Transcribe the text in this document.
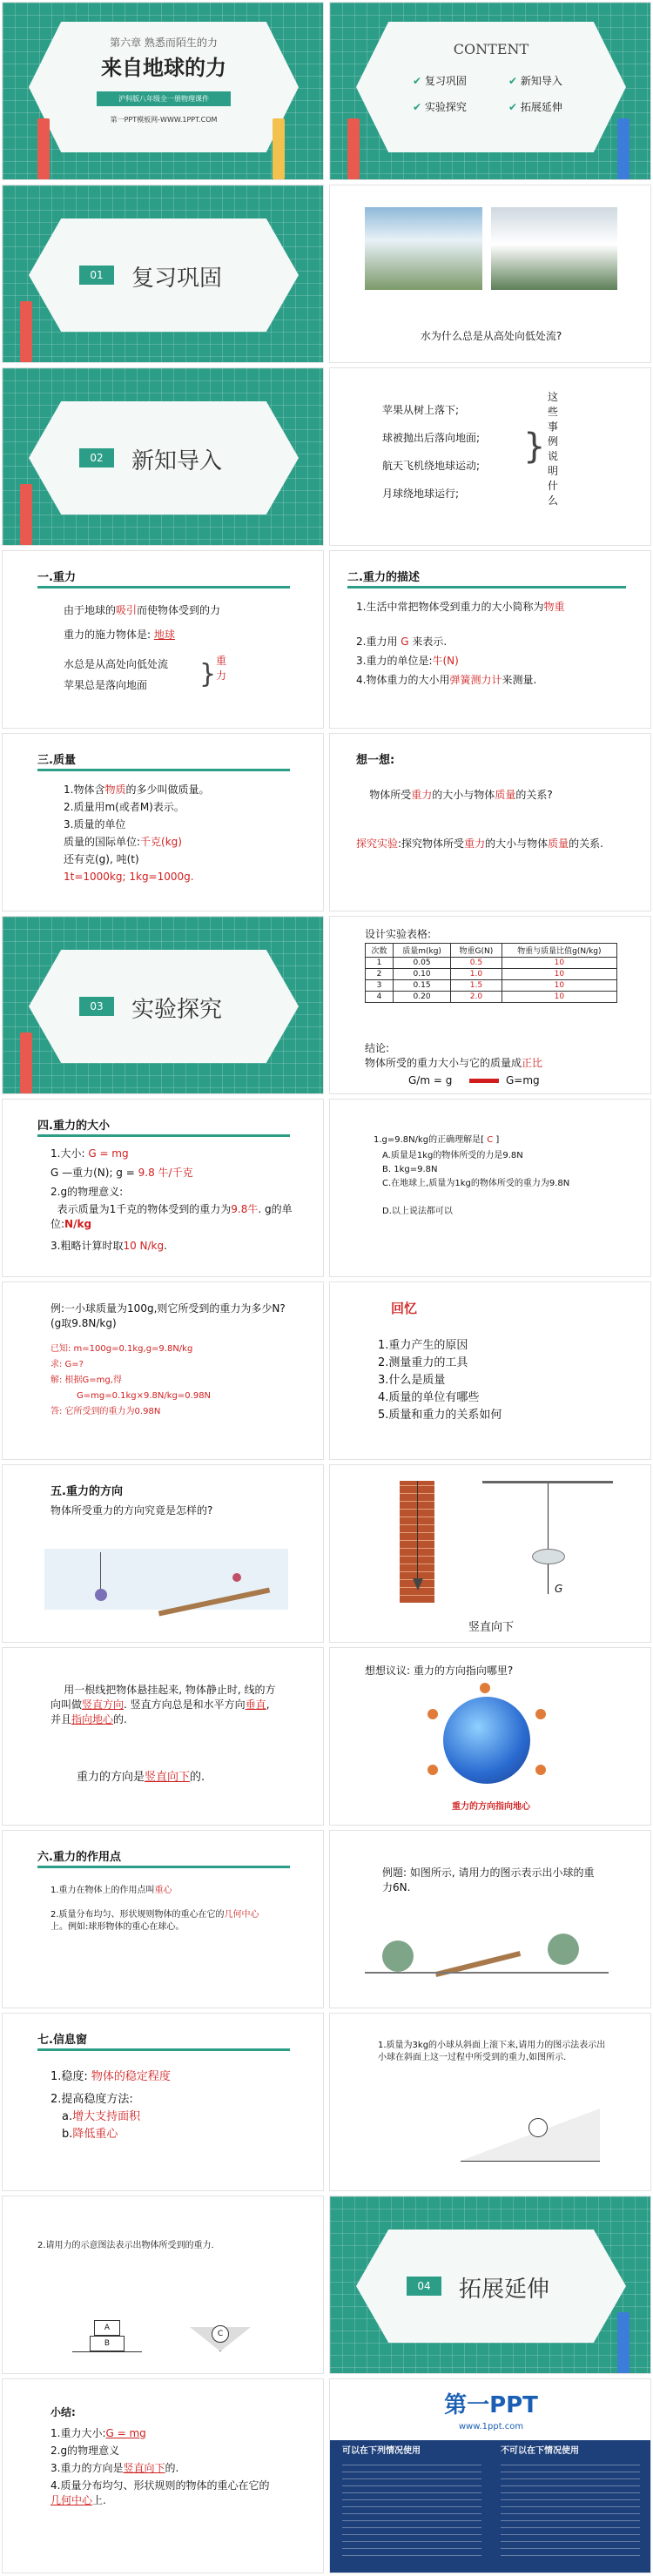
第六章 熟悉而陌生的力
来自地球的力
沪科版八年级全一册物理课件
第一PPT模板网-WWW.1PPT.COM
CONTENT
✔ 复习巩固	✔ 新知导入
✔ 实验探究	✔ 拓展延伸
01	复习巩固
水为什么总是从高处向低处流?
02	新知导入
苹果从树上落下;
球被抛出后落向地面;
航天飞机绕地球运动;
月球绕地球运行;
}
这些事例说明什么
一.重力
由于地球的吸引而使物体受到的力
重力的施力物体是: 地球
水总是从高处向低处流
苹果总是落向地面 } 重力
二.重力的描述
1.生活中常把物体受到重力的大小简称为物重
2.重力用 G 来表示.
3.重力的单位是:牛(N)
4.物体重力的大小用弹簧测力计来测量.
三.质量
1.物体含物质的多少叫做质量。
2.质量用m(或者M)表示。
3.质量的单位
质量的国际单位:千克(kg)
还有克(g), 吨(t)
1t=1000kg; 1kg=1000g.
想一想:
物体所受重力的大小与物体质量的关系?
探究实验:探究物体所受重力的大小与物体质量的关系.
03	实验探究
设计实验表格:
次数	质量m(kg)	物重G(N)	物重与质量比值g(N/kg)
1	0.05	0.5	10
2	0.10	1.0	10
3	0.15	1.5	10
4	0.20	2.0	10
结论:
物体所受的重力大小与它的质量成正比
G/m = g	G=mg
四.重力的大小
1.大小: G = mg
G —重力(N); g = 9.8 牛/千克
2.g的物理意义:
表示质量为1千克的物体受到的重力为9.8牛. g的单位:N/kg
3.粗略计算时取10 N/kg.
1.g=9.8N/kg的正确理解是[ C ]
A.质量是1kg的物体所受的力是9.8N
B. 1kg=9.8N
C.在地球上,质量为1kg的物体所受的重力为9.8N
D.以上说法都可以
例:一小球质量为100g,则它所受到的重力为多少N? (g取9.8N/kg)
已知: m=100g=0.1kg,g=9.8N/kg
求: G=?
解: 根据G=mg,得
G=mg=0.1kg×9.8N/kg=0.98N
答: 它所受到的重力为0.98N
回忆
1.重力产生的原因
2.测量重力的工具
3.什么是质量
4.质量的单位有哪些
5.质量和重力的关系如何
五.重力的方向
物体所受重力的方向究竟是怎样的?
G
竖直向下
用一根线把物体悬挂起来, 物体静止时, 线的方向叫做竖直方向. 竖直方向总是和水平方向垂直, 并且指向地心的.
重力的方向是竖直向下的.
想想议议: 重力的方向指向哪里?
重力的方向指向地心
六.重力的作用点
1.重力在物体上的作用点叫重心
2.质量分布均匀、形状规则物体的重心在它的几何中心上。例如:球形物体的重心在球心。
例题: 如图所示, 请用力的图示表示出小球的重力6N.
七.信息窗
1.稳度: 物体的稳定程度
2.提高稳度方法:
a.增大支持面积
b.降低重心
1.质量为3kg的小球从斜面上滚下来,请用力的图示法表示出小球在斜面上这一过程中所受到的重力,如图所示.
2.请用力的示意图法表示出物体所受到的重力.
A
B
C
04	拓展延伸
小结:
1.重力大小:G = mg
2.g的物理意义
3.重力的方向是竖直向下的.
4.质量分布均匀、形状规则的物体的重心在它的几何中心上.
第一PPT
www.1ppt.com
可以在下列情况使用	不可以在下情况使用
